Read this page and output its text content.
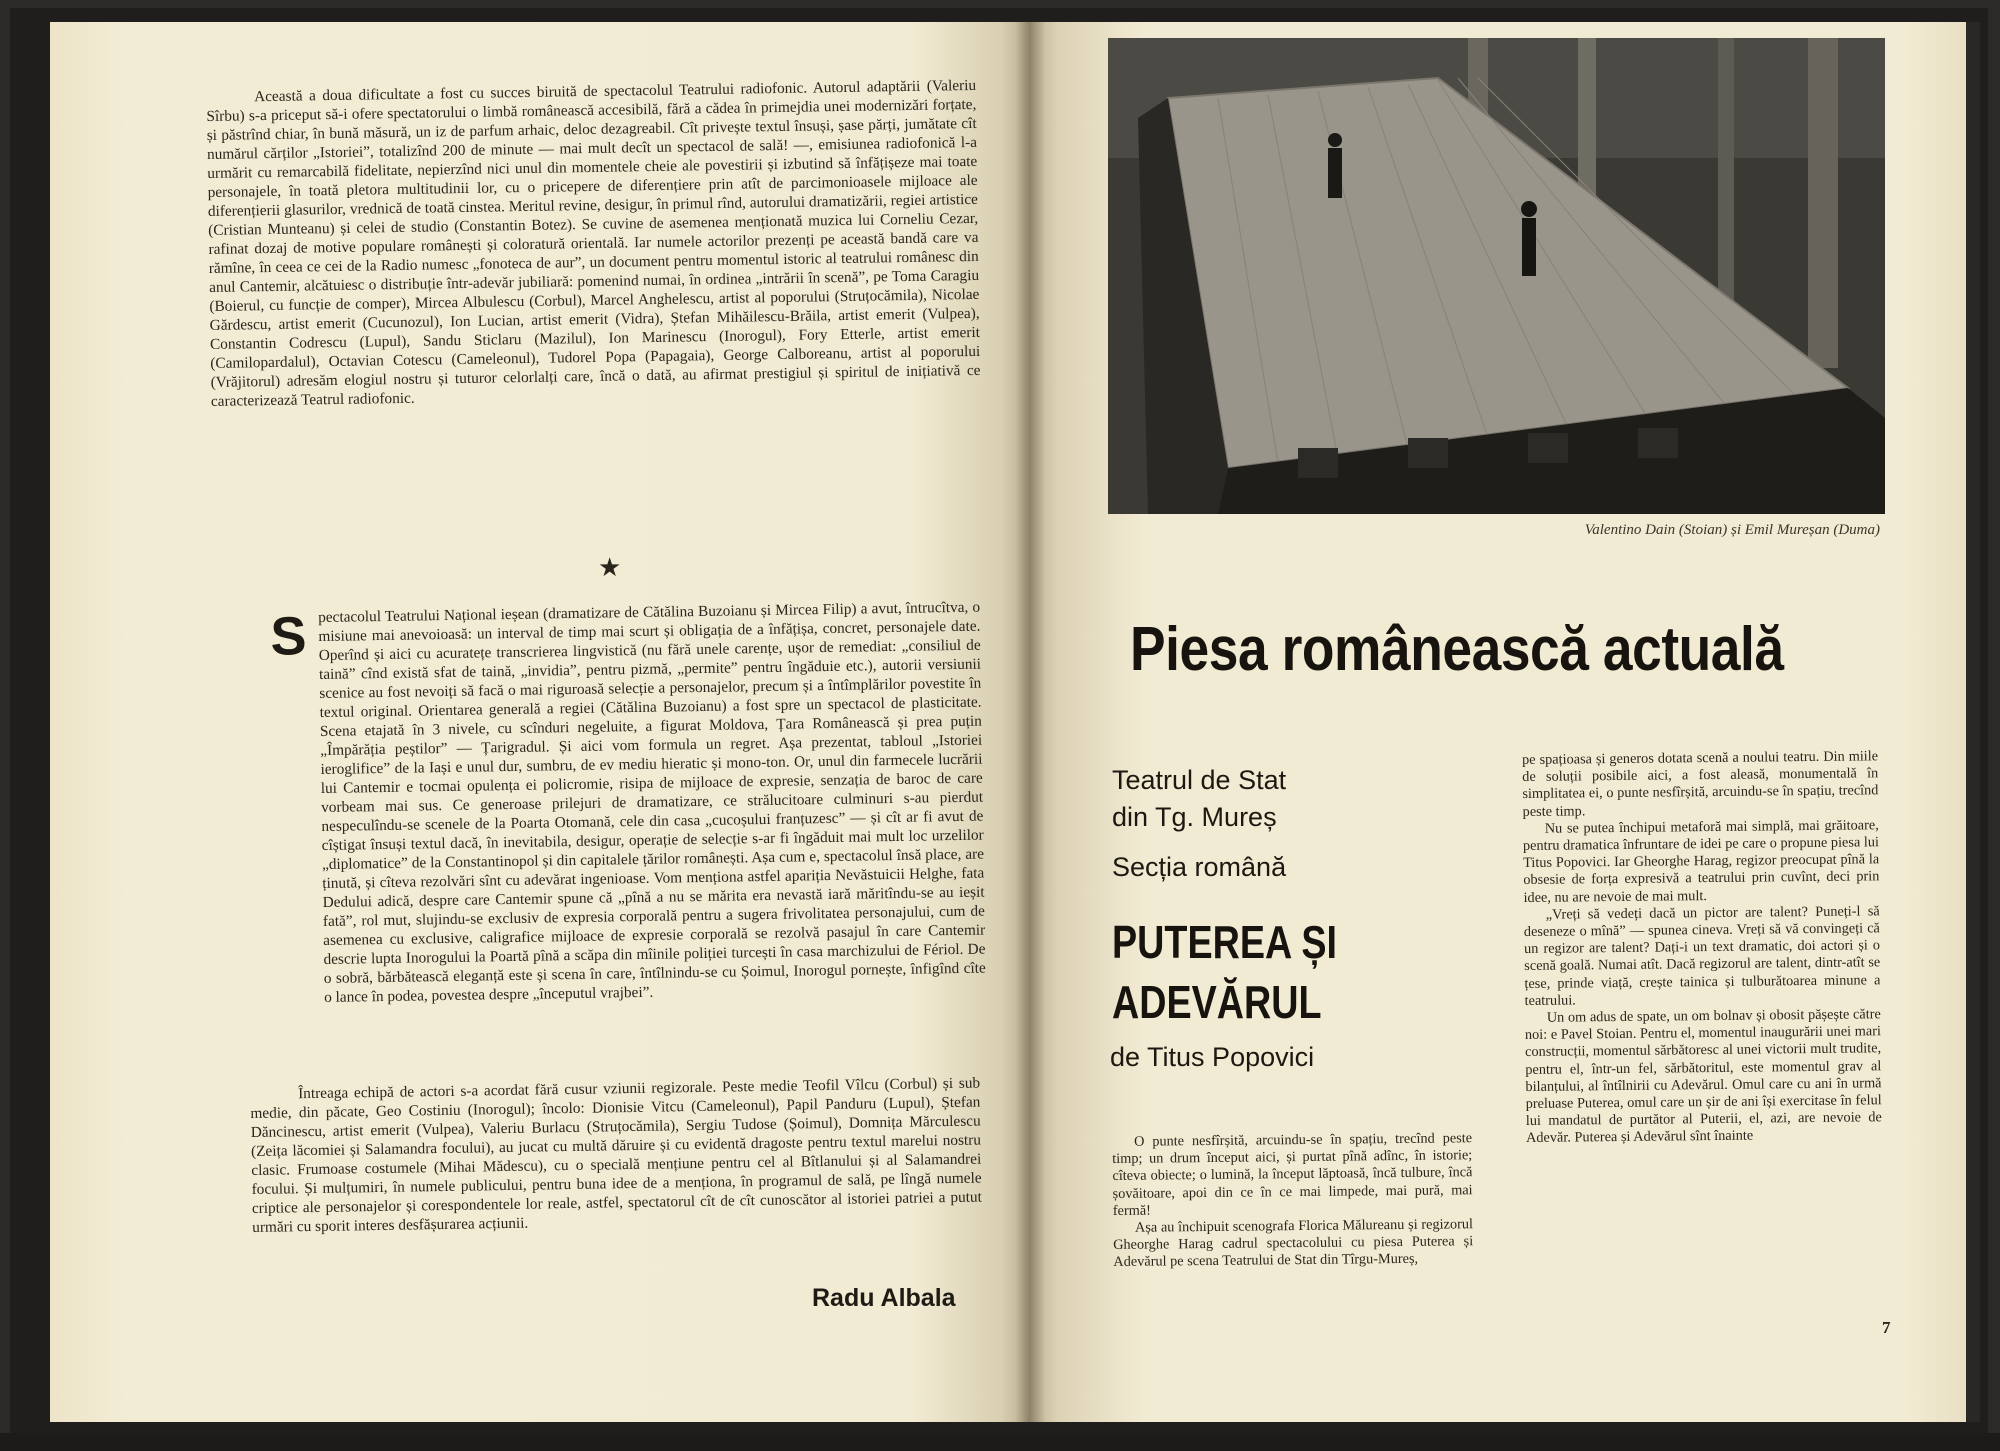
Această a doua dificultate a fost cu succes biruită de spectacolul Teatrului radiofonic. Autorul adaptării (Valeriu Sîrbu) s-a priceput să-i ofere spectatorului o limbă românească accesibilă, fără a cădea în primejdia unei modernizări forțate, și păstrînd chiar, în bună măsură, un iz de parfum arhaic, deloc dezagreabil. Cît privește textul însuși, șase părți, jumătate cît numărul cărților „Istoriei”, totalizînd 200 de minute — mai mult decît un spectacol de sală! —, emisiunea radiofonică l-a urmărit cu remarcabilă fidelitate, nepierzînd nici unul din momentele cheie ale povestirii și izbutind să înfățișeze mai toate personajele, în toată pletora multitudinii lor, cu o pricepere de diferențiere prin atît de parcimonioasele mijloace ale diferențierii glasurilor, vrednică de toată cinstea. Meritul revine, desigur, în primul rînd, autorului dramatizării, regiei artistice (Cristian Munteanu) și celei de studio (Constantin Botez). Se cuvine de asemenea menționată muzica lui Corneliu Cezar, rafinat dozaj de motive populare românești și coloratură orientală. Iar numele actorilor prezenți pe această bandă care va rămîne, în ceea ce cei de la Radio numesc „fonoteca de aur”, un document pentru momentul istoric al teatrului românesc din anul Cantemir, alcătuiesc o distribuție într-adevăr jubiliară: pomenind numai, în ordinea „intrării în scenă”, pe Toma Caragiu (Boierul, cu funcție de comper), Mircea Albulescu (Corbul), Marcel Anghelescu, artist al poporului (Struțocămila), Nicolae Gărdescu, artist emerit (Cucunozul), Ion Lucian, artist emerit (Vidra), Ștefan Mihăilescu-Brăila, artist emerit (Vulpea), Constantin Codrescu (Lupul), Sandu Sticlaru (Mazilul), Ion Marinescu (Inorogul), Fory Etterle, artist emerit (Camilopardalul), Octavian Cotescu (Cameleonul), Tudorel Popa (Papagaia), George Calboreanu, artist al poporului (Vrăjitorul) adresăm elogiul nostru și tuturor celorlalți care, încă o dată, au afirmat prestigiul și spiritul de inițiativă ce caracterizează Teatrul radiofonic.

★
S pectacolul Teatrului Național ieșean (dramatizare de Cătălina Buzoianu și Mircea Filip) a avut, întrucîtva, o misiune mai anevoioasă: un interval de timp mai scurt și obligația de a înfățișa, concret, personajele date. Operînd și aici cu acuratețe transcrierea lingvistică (nu fără unele carențe, ușor de remediat: „consiliul de taină” cînd există sfat de taină, „invidia”, pentru pizmă, „permite” pentru îngăduie etc.), autorii versiunii scenice au fost nevoiți să facă o mai riguroasă selecție a personajelor, precum și a întîmplărilor povestite în textul original. Orientarea generală a regiei (Cătălina Buzoianu) a fost spre un spectacol de plasticitate. Scena etajată în 3 nivele, cu scînduri negeluite, a figurat Moldova, Țara Românească și prea puțin „Împărăția peștilor” — Țarigradul. Și aici vom formula un regret. Așa prezentat, tabloul „Istoriei ieroglifice” de la Iași e unul dur, sumbru, de ev mediu hieratic și mono-ton. Or, unul din farmecele lucrării lui Cantemir e tocmai opulența ei policromie, risipa de mijloace de expresie, senzația de baroc de care vorbeam mai sus. Ce generoase prilejuri de dramatizare, ce strălucitoare culminuri s-au pierdut nespeculîndu-se scenele de la Poarta Otomană, cele din casa „cucoșului franțuzesc” — și cît ar fi avut de cîștigat însuși textul dacă, în inevitabila, desigur, operație de selecție s-ar fi îngăduit mai mult loc urzelilor „diplomatice” de la Constantinopol și din capitalele țărilor românești. Așa cum e, spectacolul însă place, are ținută, și cîteva rezolvări sînt cu adevărat ingenioase. Vom menționa astfel apariția Nevăstuicii Helghe, fata Dedului adică, despre care Cantemir spune că „pînă a nu se mărita era nevastă iară măritîndu-se au ieșit fată”, rol mut, slujindu-se exclusiv de expresia corporală pentru a sugera frivolitatea personajului, cum de asemenea cu exclusive, caligrafice mijloace de expresie corporală se rezolvă pasajul în care Cantemir descrie lupta Inorogului la Poartă pînă a scăpa din mîinile poliției turcești în casa marchizului de Fériol. De o sobră, bărbătească eleganță este și scena în care, întîlnindu-se cu Șoimul, Inorogul pornește, înfigînd cîte o lance în podea, povestea despre „începutul vrajbei”.

Întreaga echipă de actori s-a acordat fără cusur vziunii regizorale. Peste medie Teofil Vîlcu (Corbul) și sub medie, din păcate, Geo Costiniu (Inorogul); încolo: Dionisie Vitcu (Cameleonul), Papil Panduru (Lupul), Ștefan Dăncinescu, artist emerit (Vulpea), Valeriu Burlacu (Struțocămila), Sergiu Tudose (Șoimul), Domnița Mărculescu (Zeița lăcomiei și Salamandra focului), au jucat cu multă dăruire și cu evidentă dragoste pentru textul marelui nostru clasic. Frumoase costumele (Mihai Mădescu), cu o specială mențiune pentru cel al Bîtlanului și al Salamandrei focului. Și mulțumiri, în numele publicului, pentru buna idee de a menționa, în programul de sală, pe lîngă numele criptice ale personajelor și corespondentele lor reale, astfel, spectatorul cît de cît cunoscător al istoriei patriei a putut urmări cu sporit interes desfășurarea acțiunii.

Radu Albala
Valentino Dain (Stoian) și Emil Mureșan (Duma)
Piesa românească actuală
Teatrul de Stat
din Tg. Mureș
Secția română
PUTEREA ȘI
ADEVĂRUL
de Titus Popovici

O punte nesfîrșită, arcuindu-se în spațiu, trecînd peste timp; un drum început aici, și purtat pînă adînc, în istorie; cîteva obiecte; o lumină, la început lăptoasă, încă tulbure, încă șovăitoare, apoi din ce în ce mai limpede, mai pură, mai fermă!

Așa au închipuit scenografa Florica Mălureanu și regizorul Gheorghe Harag cadrul spectacolului cu piesa Puterea și Adevărul pe scena Teatrului de Stat din Tîrgu-Mureș,

pe spațioasa și generos dotata scenă a noului teatru. Din miile de soluții posibile aici, a fost aleasă, monumentală în simplitatea ei, o punte nesfîrșită, arcuindu-se în spațiu, trecînd peste timp.

Nu se putea închipui metaforă mai simplă, mai grăitoare, pentru dramatica înfruntare de idei pe care o propune piesa lui Titus Popovici. Iar Gheorghe Harag, regizor preocupat pînă la obsesie de forța expresivă a teatrului prin cuvînt, deci prin idee, nu are nevoie de mai mult.

„Vreți să vedeți dacă un pictor are talent? Puneți-l să deseneze o mînă” — spunea cineva. Vreți să vă convingeți că un regizor are talent? Dați-i un text dramatic, doi actori și o scenă goală. Numai atît. Dacă regizorul are talent, dintr-atît se țese, prinde viață, crește tainica și tulburătoarea minune a teatrului.

Un om adus de spate, un om bolnav și obosit pășește către noi: e Pavel Stoian. Pentru el, momentul inaugurării unei mari construcții, momentul sărbătoresc al unei victorii mult trudite, pentru el, într-un fel, sărbătoritul, este momentul grav al bilanțului, al întîlnirii cu Adevărul. Omul care cu ani în urmă preluase Puterea, omul care un șir de ani își exercitase în felul lui mandatul de purtător al Puterii, el, azi, are nevoie de Adevăr. Puterea și Adevărul sînt înainte

7
